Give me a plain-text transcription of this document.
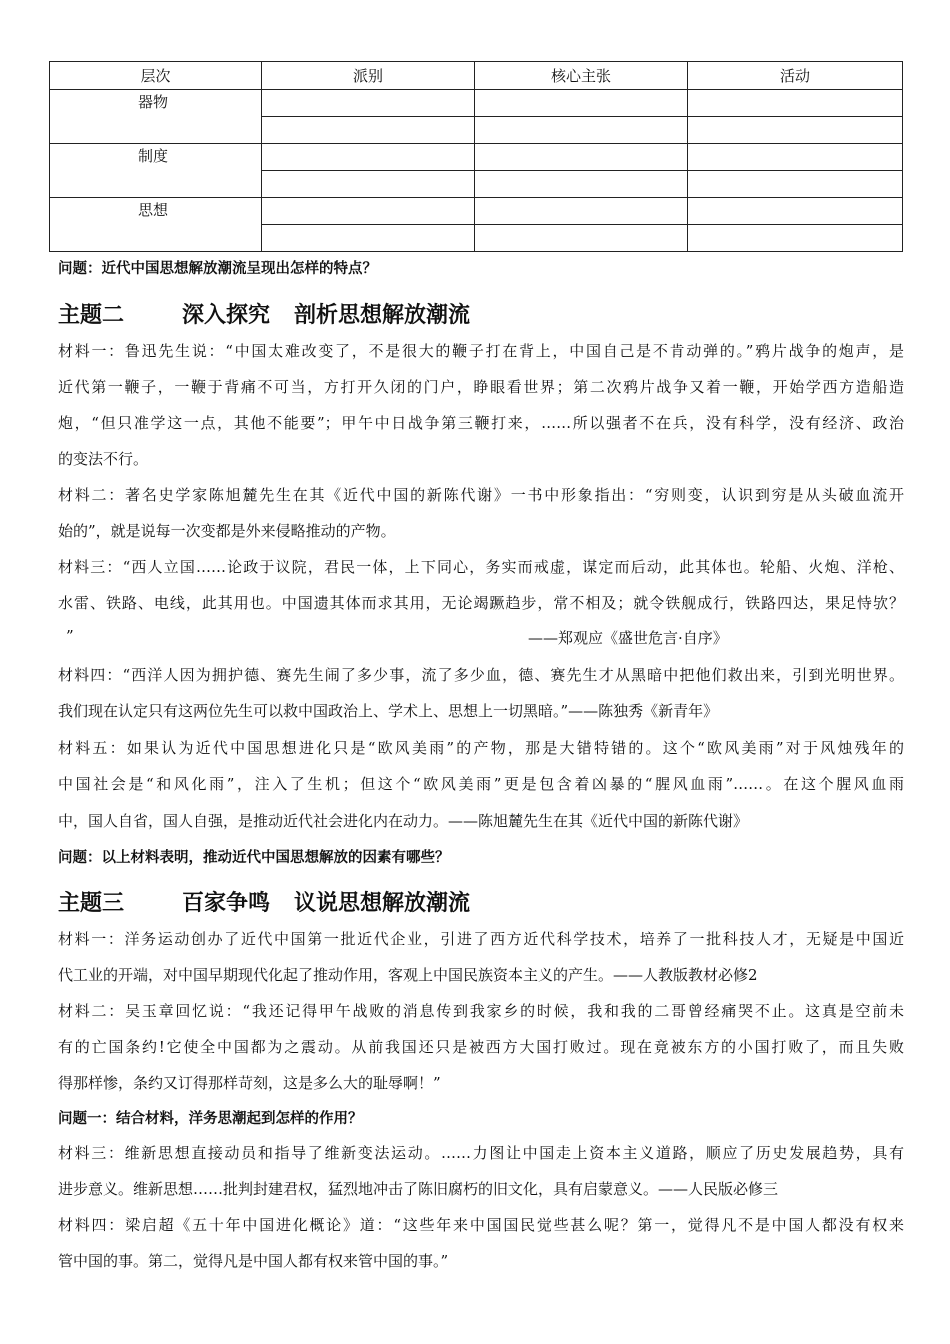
层次	派别	核心主张	活动
器物			

制度			

思想			

问题：近代中国思想解放潮流呈现出怎样的特点？
主题二	深入探究 剖析思想解放潮流
材料一：鲁迅先生说：“中国太难改变了，不是很大的鞭子打在背上，中国自己是不肯动弹的。”鸦片战争的炮声，是
近代第一鞭子，一鞭于背痛不可当，方打开久闭的门户，睁眼看世界；第二次鸦片战争又着一鞭，开始学西方造船造
炮，“但只准学这一点，其他不能要”；甲午中日战争第三鞭打来，……所以强者不在兵，没有科学，没有经济、政治
的变法不行。
材料二：著名史学家陈旭麓先生在其《近代中国的新陈代谢》一书中形象指出：“穷则变，认识到穷是从头破血流开
始的”，就是说每一次变都是外来侵略推动的产物。
材料三：“西人立国……论政于议院，君民一体，上下同心，务实而戒虚，谋定而后动，此其体也。轮船、火炮、洋枪、
水雷、铁路、电线，此其用也。中国遗其体而求其用，无论竭蹶趋步，常不相及；就令铁舰成行，铁路四达，果足恃欤？
”	——郑观应《盛世危言·自序》
材料四：“西洋人因为拥护德、赛先生闹了多少事，流了多少血，德、赛先生才从黑暗中把他们救出来，引到光明世界。
我们现在认定只有这两位先生可以救中国政治上、学术上、思想上一切黑暗。”——陈独秀《新青年》
材料五：如果认为近代中国思想进化只是“欧风美雨”的产物，那是大错特错的。这个“欧风美雨”对于风烛残年的
中国社会是“和风化雨”，注入了生机；但这个“欧风美雨”更是包含着凶暴的“腥风血雨”……。在这个腥风血雨
中，国人自省，国人自强，是推动近代社会进化内在动力。——陈旭麓先生在其《近代中国的新陈代谢》
问题：以上材料表明，推动近代中国思想解放的因素有哪些？
主题三	百家争鸣 议说思想解放潮流
材料一：洋务运动创办了近代中国第一批近代企业，引进了西方近代科学技术，培养了一批科技人才，无疑是中国近
代工业的开端，对中国早期现代化起了推动作用，客观上中国民族资本主义的产生。——人教版教材必修2
材料二：吴玉章回忆说：“我还记得甲午战败的消息传到我家乡的时候，我和我的二哥曾经痛哭不止。这真是空前未
有的亡国条约!它使全中国都为之震动。从前我国还只是被西方大国打败过。现在竟被东方的小国打败了，而且失败
得那样惨，条约又订得那样苛刻，这是多么大的耻辱啊！”
问题一：结合材料，洋务思潮起到怎样的作用？
材料三：维新思想直接动员和指导了维新变法运动。……力图让中国走上资本主义道路，顺应了历史发展趋势，具有
进步意义。维新思想……批判封建君权，猛烈地冲击了陈旧腐朽的旧文化，具有启蒙意义。——人民版必修三
材料四：梁启超《五十年中国进化概论》道：“这些年来中国国民觉些甚么呢？第一，觉得凡不是中国人都没有权来
管中国的事。第二，觉得凡是中国人都有权来管中国的事。”
